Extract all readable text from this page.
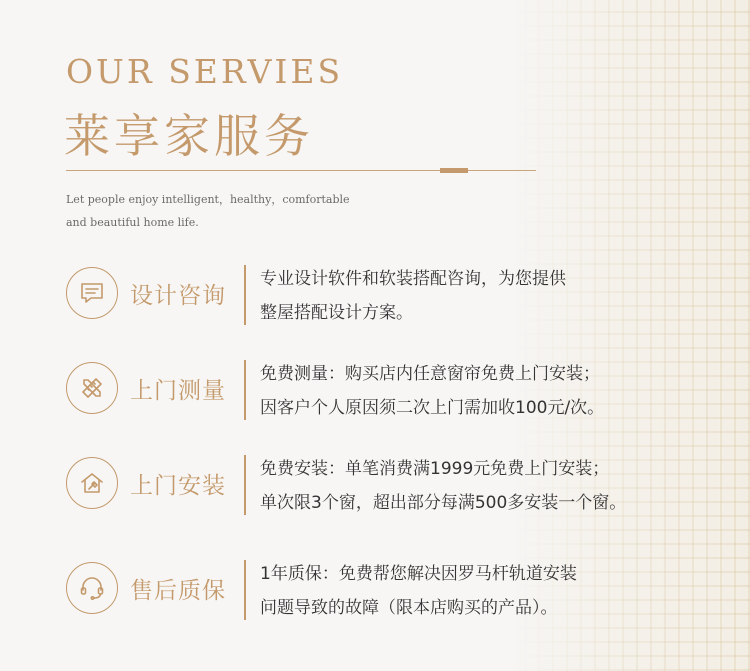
OUR SERVIES
莱享家服务

Let people enjoy intelligent，healthy，comfortable
and beautiful home life.

设计咨询
专业设计软件和软装搭配咨询，为您提供
整屋搭配设计方案。
上门测量
免费测量：购买店内任意窗帘免费上门安装；
因客户个人原因须二次上门需加收100元/次。
上门安装
免费安装：单笔消费满1999元免费上门安装；
单次限3个窗，超出部分每满500多安装一个窗。
售后质保
1年质保：免费帮您解决因罗马杆轨道安装
问题导致的故障（限本店购买的产品）。
